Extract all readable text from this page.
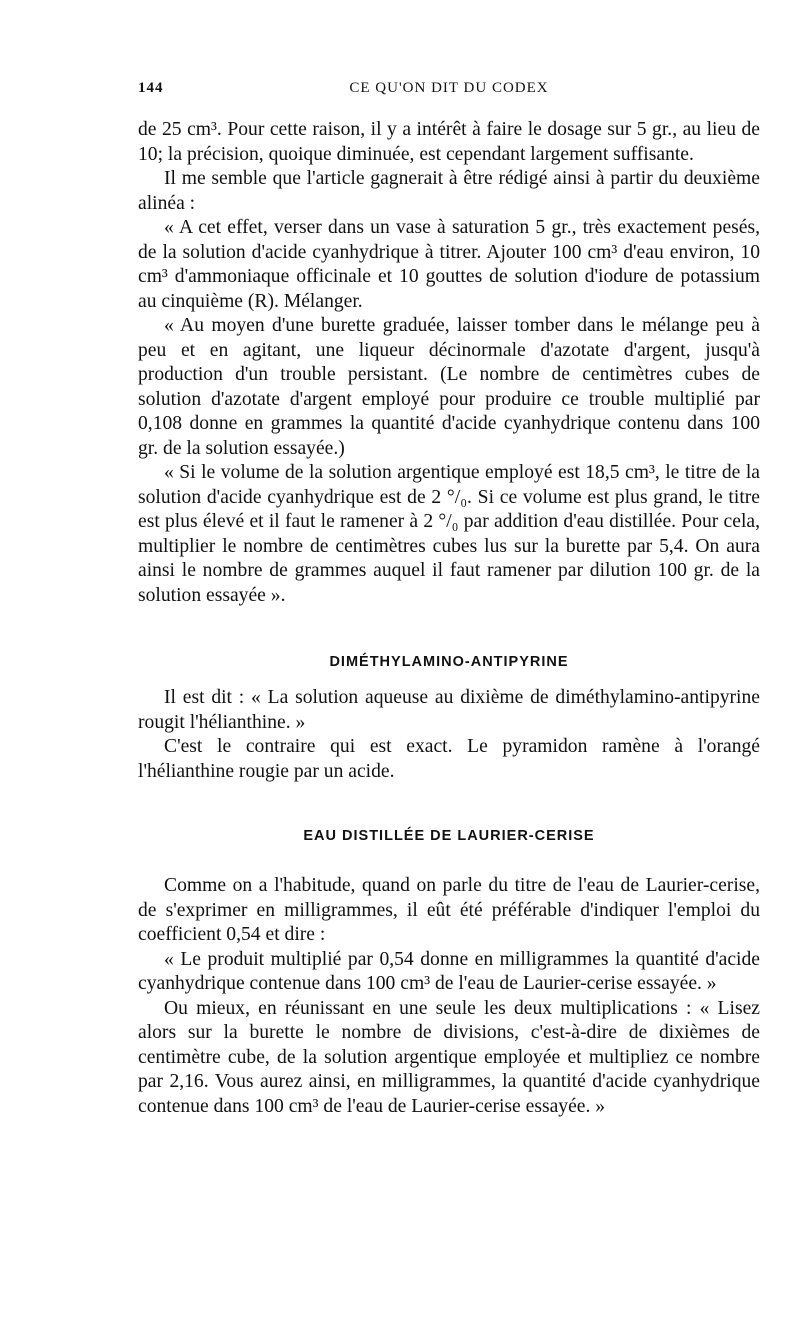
144	CE QU'ON DIT DU CODEX

de 25 cm³. Pour cette raison, il y a intérêt à faire le dosage sur 5 gr., au lieu de 10; la précision, quoique diminuée, est cependant largement suffisante.

Il me semble que l'article gagnerait à être rédigé ainsi à partir du deuxième alinéa :

« A cet effet, verser dans un vase à saturation 5 gr., très exactement pesés, de la solution d'acide cyanhydrique à titrer. Ajouter 100 cm³ d'eau environ, 10 cm³ d'ammoniaque officinale et 10 gouttes de solution d'iodure de potassium au cinquième (R). Mélanger.

« Au moyen d'une burette graduée, laisser tomber dans le mélange peu à peu et en agitant, une liqueur décinormale d'azotate d'argent, jusqu'à production d'un trouble persistant. (Le nombre de centimètres cubes de solution d'azotate d'argent employé pour produire ce trouble multiplié par 0,108 donne en grammes la quantité d'acide cyanhydrique contenu dans 100 gr. de la solution essayée.)

« Si le volume de la solution argentique employé est 18,5 cm³, le titre de la solution d'acide cyanhydrique est de 2 °/₀. Si ce volume est plus grand, le titre est plus élevé et il faut le ramener à 2 °/₀ par addition d'eau distillée. Pour cela, multiplier le nombre de centimètres cubes lus sur la burette par 5,4. On aura ainsi le nombre de grammes auquel il faut ramener par dilution 100 gr. de la solution essayée ».

DIMÉTHYLAMINO-ANTIPYRINE

Il est dit : « La solution aqueuse au dixième de diméthylamino-antipyrine rougit l'hélianthine. »

C'est le contraire qui est exact. Le pyramidon ramène à l'orangé l'hélianthine rougie par un acide.

EAU DISTILLÉE DE LAURIER-CERISE

Comme on a l'habitude, quand on parle du titre de l'eau de Laurier-cerise, de s'exprimer en milligrammes, il eût été préférable d'indiquer l'emploi du coefficient 0,54 et dire :

« Le produit multiplié par 0,54 donne en milligrammes la quantité d'acide cyanhydrique contenue dans 100 cm³ de l'eau de Laurier-cerise essayée. »

Ou mieux, en réunissant en une seule les deux multiplications : « Lisez alors sur la burette le nombre de divisions, c'est-à-dire de dixièmes de centimètre cube, de la solution argentique employée et multipliez ce nombre par 2,16. Vous aurez ainsi, en milligrammes, la quantité d'acide cyanhydrique contenue dans 100 cm³ de l'eau de Laurier-cerise essayée. »
